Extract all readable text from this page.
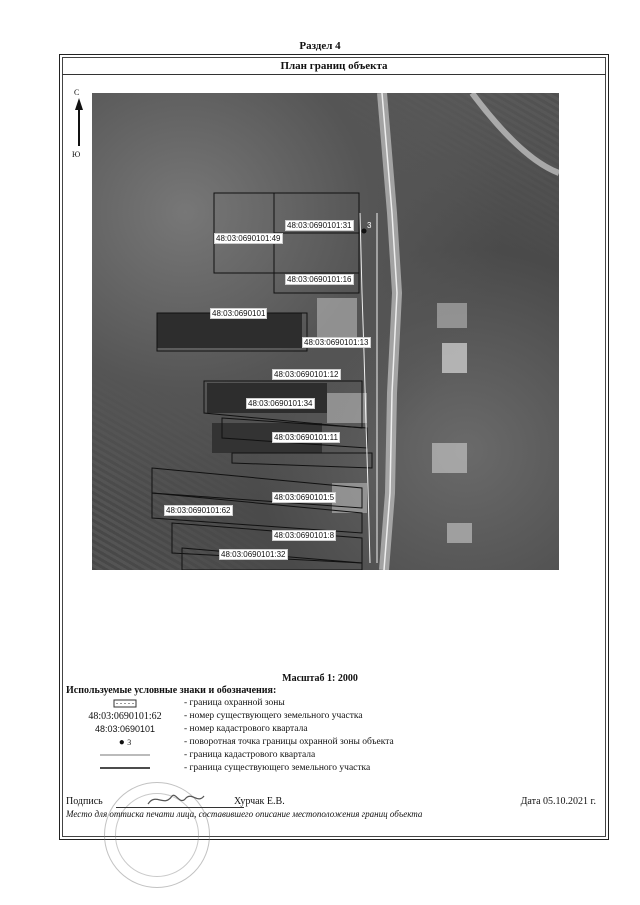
Раздел 4
План границ объекта
С
Ю
48:03:0690101:31
48:03:0690101:49
48:03:0690101:16
48:03:0690101
48:03:0690101:13
48:03:0690101:12
48:03:0690101:34
48:03:0690101:11
48:03:0690101:5
48:03:0690101:62
48:03:0690101:8
48:03:0690101:32
3
Масштаб 1: 2000
Используемые условные знаки и обозначения:
- граница охранной зоны
48:03:0690101:62	- номер существующего земельного участка
48:03:0690101	- номер кадастрового квартала
● 3	- поворотная точка границы охранной зоны объекта
- граница кадастрового квартала
- граница существующего земельного участка
Подпись	Хурчак Е.В.	Дата 05.10.2021 г.
Место для оттиска печати лица, составившего описание местоположения границ объекта
